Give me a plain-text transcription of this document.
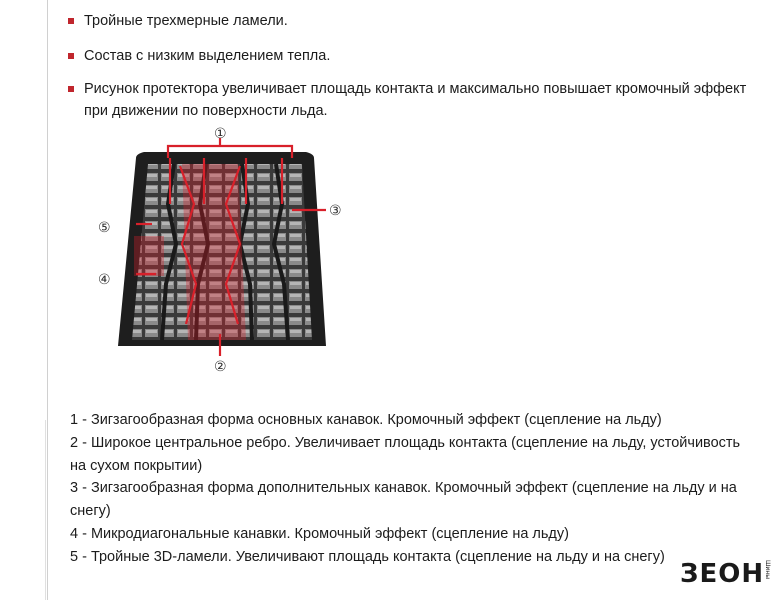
Тройные трехмерные ламели.
Состав с низким выделением тепла.
Рисунок протектора увеличивает площадь контакта и максимально повышает кромочный эффект при движении по поверхности льда.
①
②
③
④
⑤

1 - Зигзагообразная форма основных канавок. Кромочный эффект (сцепление на льду)

2 - Широкое центральное ребро. Увеличивает площадь контакта (сцепление на льду, устойчивость на сухом покрытии)

3 - Зигзагообразная форма дополнительных канавок. Кромочный эффект (сцепление на льду и на снегу)

4 - Микродиагональные канавки. Кромочный эффект (сцепление на льду)

5 - Тройные 3D-ламели. Увеличивают площадь контакта (сцепление на льду и на снегу)

ЗЕОН Шины
